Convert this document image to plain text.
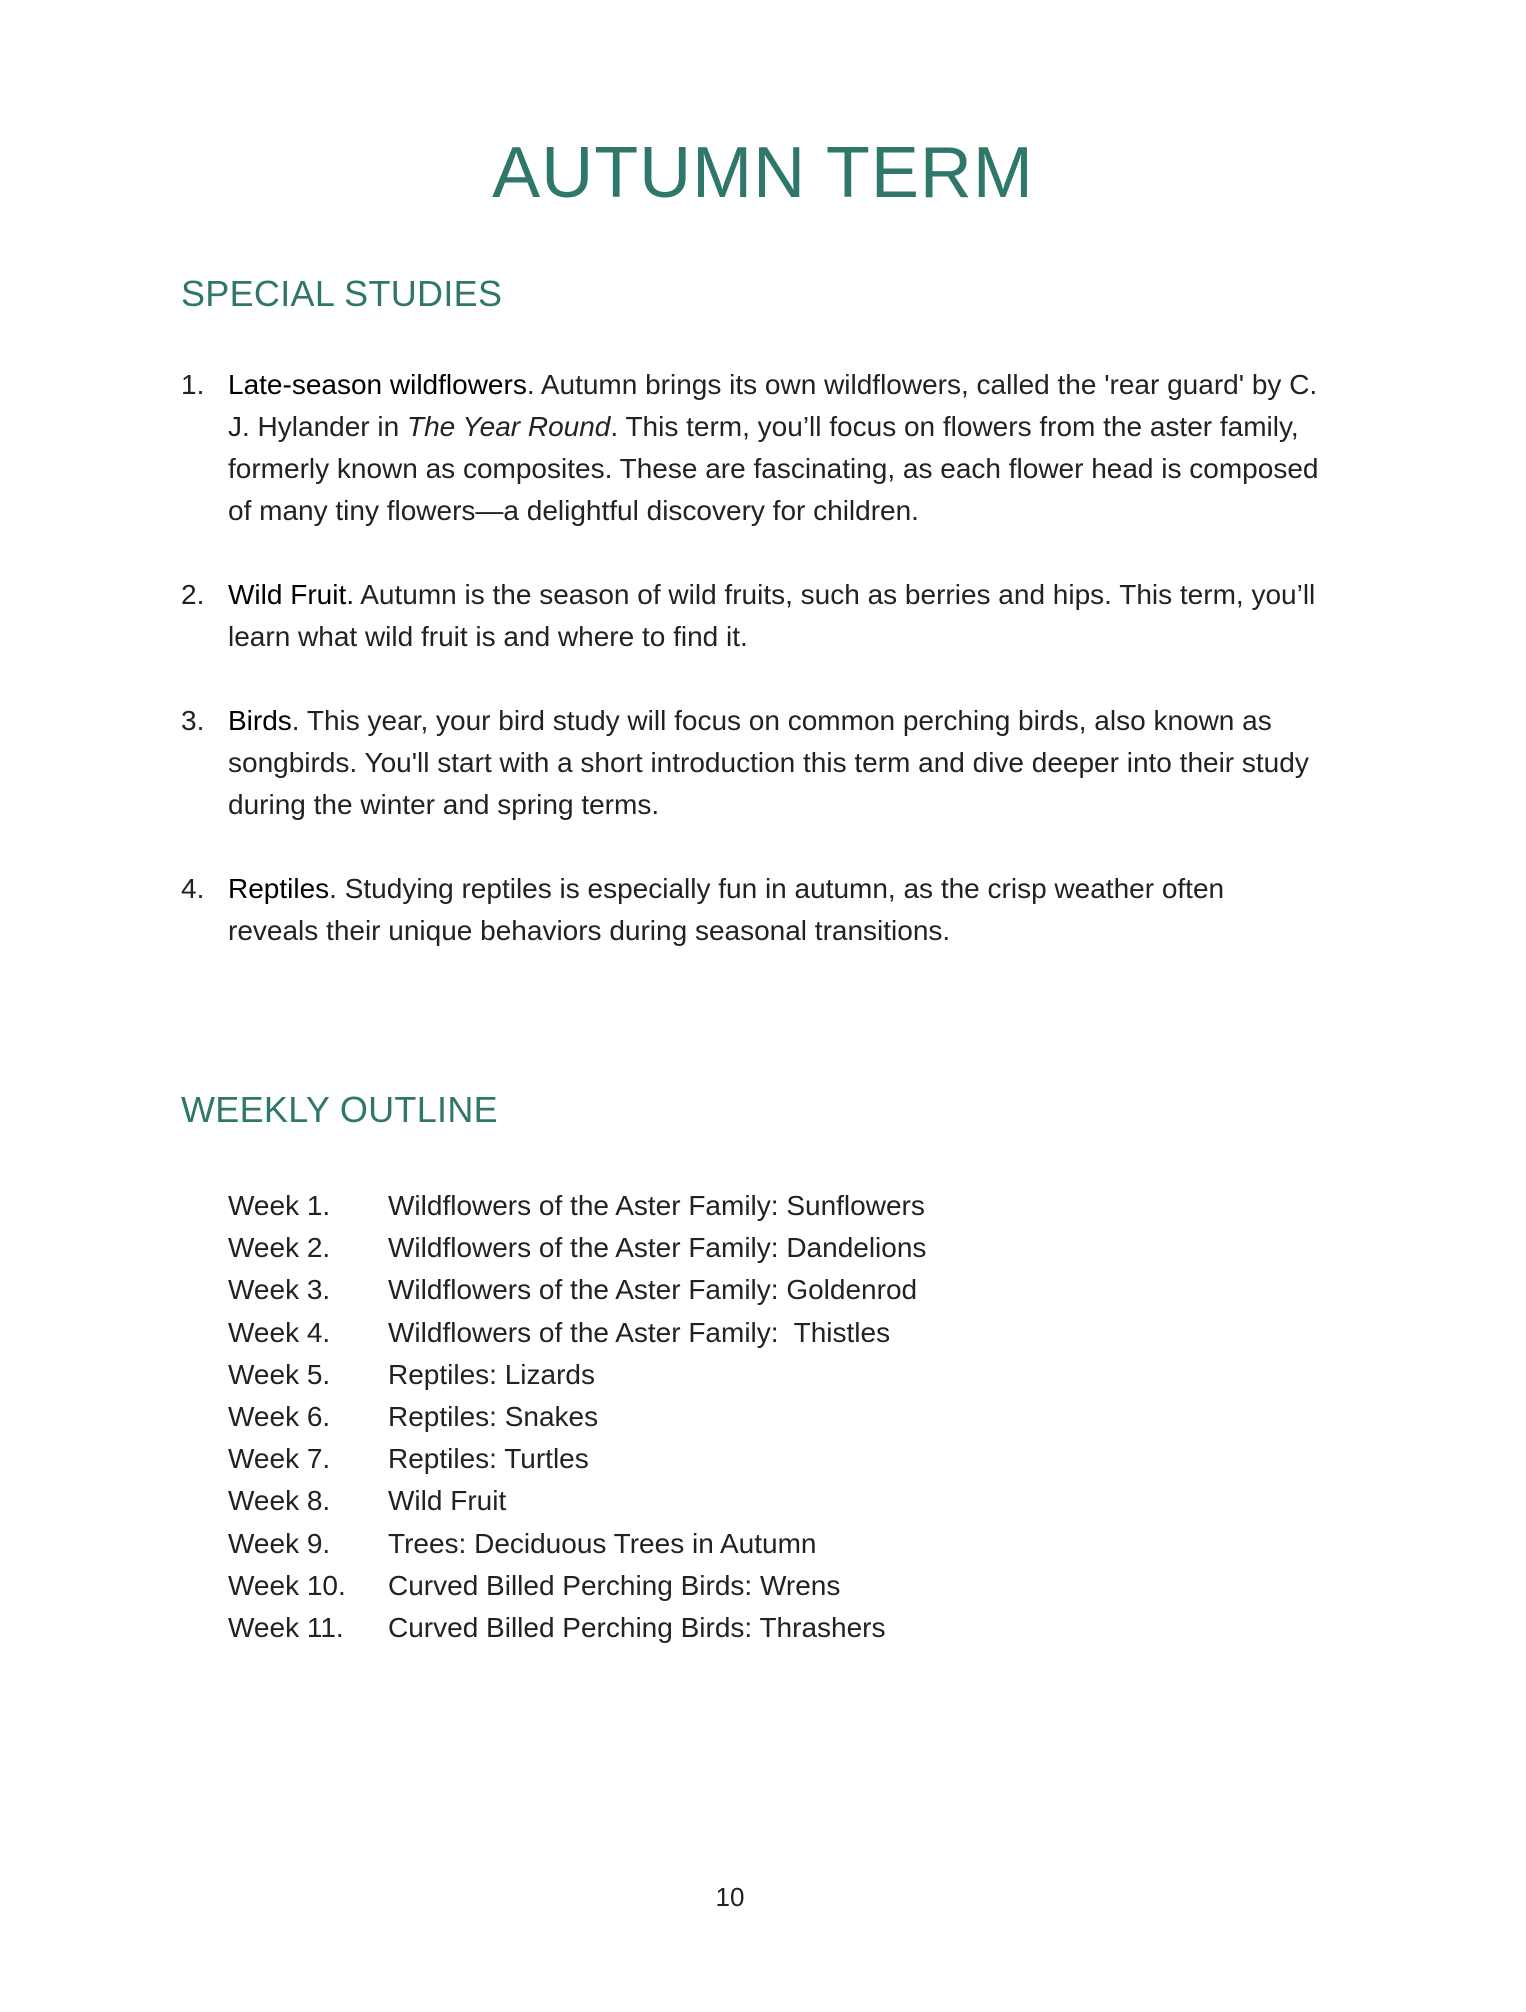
AUTUMN TERM
SPECIAL STUDIES
1. Late-season wildflowers. Autumn brings its own wildflowers, called the 'rear guard' by C. J. Hylander in The Year Round. This term, you’ll focus on flowers from the aster family, formerly known as composites. These are fascinating, as each flower head is composed of many tiny flowers—a delightful discovery for children.
2. Wild Fruit. Autumn is the season of wild fruits, such as berries and hips. This term, you’ll learn what wild fruit is and where to find it.
3. Birds. This year, your bird study will focus on common perching birds, also known as songbirds. You'll start with a short introduction this term and dive deeper into their study during the winter and spring terms.
4. Reptiles. Studying reptiles is especially fun in autumn, as the crisp weather often reveals their unique behaviors during seasonal transitions.
WEEKLY OUTLINE
Week 1.	Wildflowers of the Aster Family: Sunflowers
Week 2.	Wildflowers of the Aster Family: Dandelions
Week 3.	Wildflowers of the Aster Family: Goldenrod
Week 4.	Wildflowers of the Aster Family:  Thistles
Week 5.	Reptiles: Lizards
Week 6.	Reptiles: Snakes
Week 7.	Reptiles: Turtles
Week 8.	Wild Fruit
Week 9.	Trees: Deciduous Trees in Autumn
Week 10.	Curved Billed Perching Birds: Wrens
Week 11.	Curved Billed Perching Birds: Thrashers
10
